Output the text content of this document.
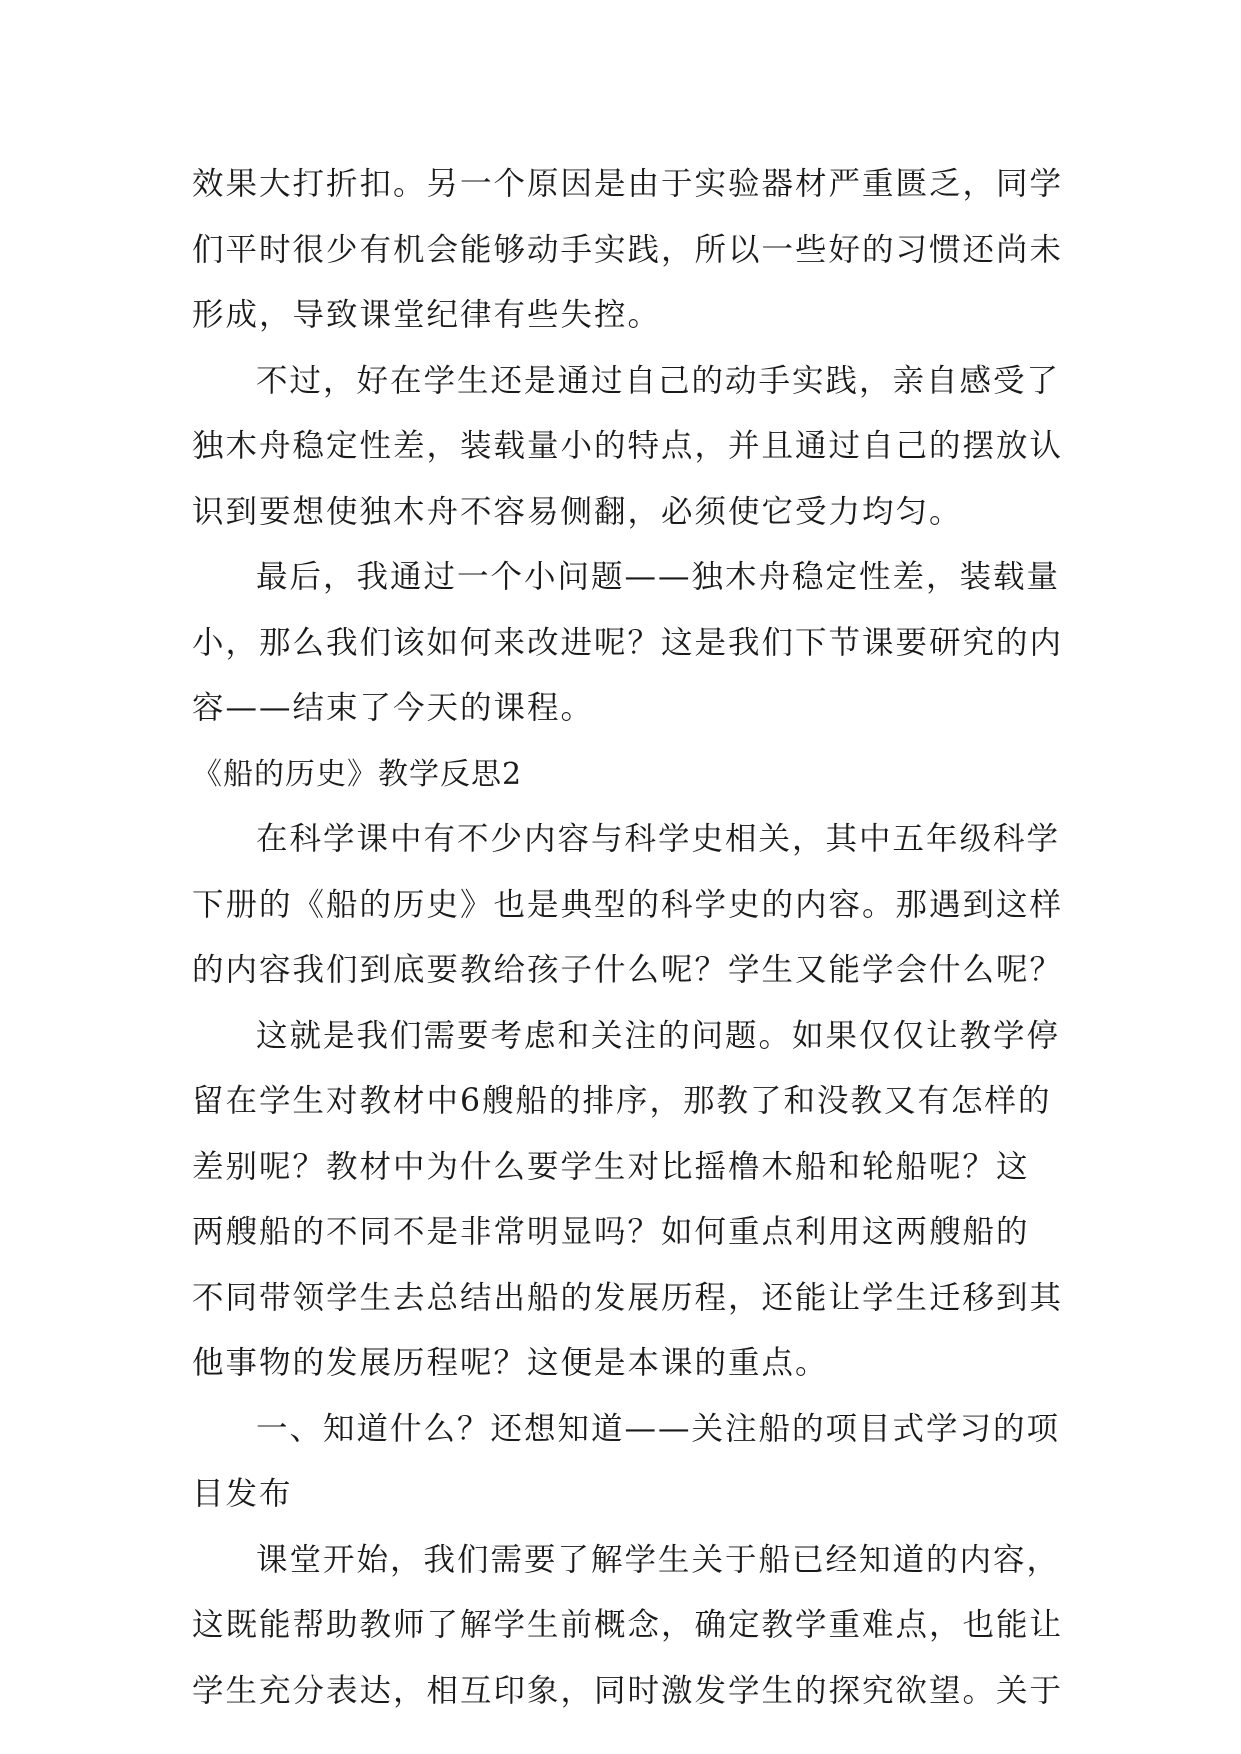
效果大打折扣。另一个原因是由于实验器材严重匮乏，同学
们平时很少有机会能够动手实践，所以一些好的习惯还尚未
形成，导致课堂纪律有些失控。
不过，好在学生还是通过自己的动手实践，亲自感受了
独木舟稳定性差，装载量小的特点，并且通过自己的摆放认
识到要想使独木舟不容易侧翻，必须使它受力均匀。
最后，我通过一个小问题——独木舟稳定性差，装载量
小，那么我们该如何来改进呢？这是我们下节课要研究的内
容——结束了今天的课程。
《船的历史》教学反思2
在科学课中有不少内容与科学史相关，其中五年级科学
下册的《船的历史》也是典型的科学史的内容。那遇到这样
的内容我们到底要教给孩子什么呢？学生又能学会什么呢？
这就是我们需要考虑和关注的问题。如果仅仅让教学停
留在学生对教材中6艘船的排序，那教了和没教又有怎样的
差别呢？教材中为什么要学生对比摇橹木船和轮船呢？这
两艘船的不同不是非常明显吗？如何重点利用这两艘船的
不同带领学生去总结出船的发展历程，还能让学生迁移到其
他事物的发展历程呢？这便是本课的重点。
一、知道什么？还想知道——关注船的项目式学习的项
目发布
课堂开始，我们需要了解学生关于船已经知道的内容，
这既能帮助教师了解学生前概念，确定教学重难点，也能让
学生充分表达，相互印象，同时激发学生的探究欲望。关于
